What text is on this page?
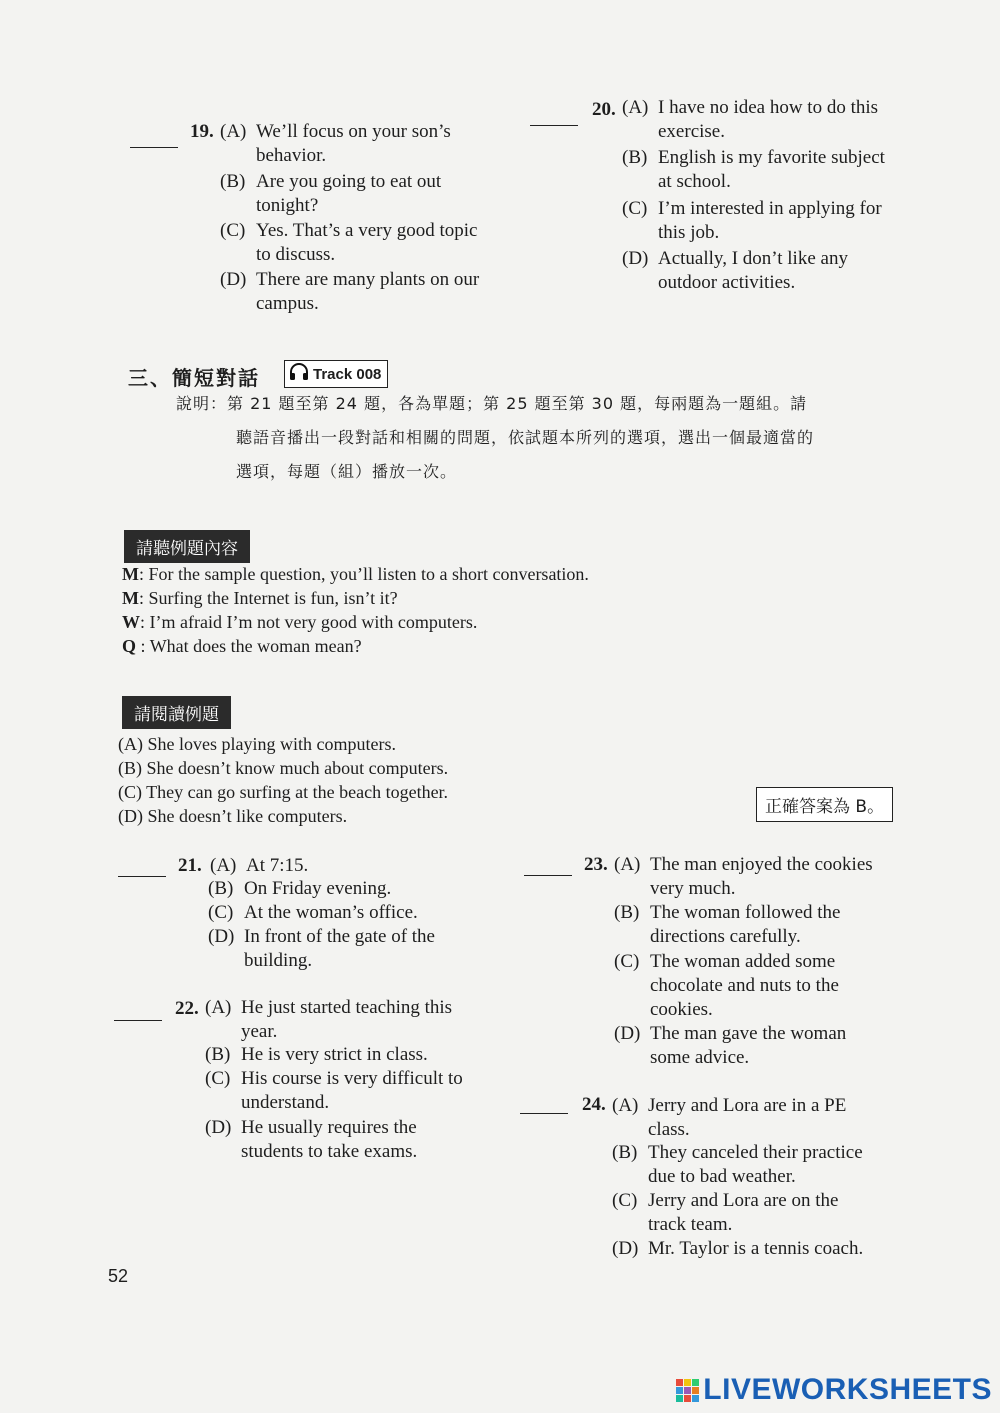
19. (A) We’ll focus on your son’s
behavior.
(B) Are you going to eat out
tonight?
(C) Yes. That’s a very good topic
to discuss.
(D) There are many plants on our
campus.
20. (A) I have no idea how to do this
exercise.
(B) English is my favorite subject
at school.
(C) I’m interested in applying for
this job.
(D) Actually, I don’t like any
outdoor activities.
三、簡短對話	Track 008
說明：第 21 題至第 24 題，各為單題；第 25 題至第 30 題，每兩題為一題組。請
聽語音播出一段對話和相關的問題，依試題本所列的選項，選出一個最適當的
選項，每題（組）播放一次。
請聽例題內容
M: For the sample question, you’ll listen to a short conversation.
M: Surfing the Internet is fun, isn’t it?
W: I’m afraid I’m not very good with computers.
Q : What does the woman mean?
請閱讀例題
(A) She loves playing with computers.
(B) She doesn’t know much about computers.
(C) They can go surfing at the beach together.
(D) She doesn’t like computers.	正確答案為 B。
21. (A) At 7:15.
(B) On Friday evening.
(C) At the woman’s office.
(D) In front of the gate of the
building.
22. (A) He just started teaching this
year.
(B) He is very strict in class.
(C) His course is very difficult to
understand.
(D) He usually requires the
students to take exams.
23. (A) The man enjoyed the cookies
very much.
(B) The woman followed the
directions carefully.
(C) The woman added some
chocolate and nuts to the
cookies.
(D) The man gave the woman
some advice.
24. (A) Jerry and Lora are in a PE
class.
(B) They canceled their practice
due to bad weather.
(C) Jerry and Lora are on the
track team.
(D) Mr. Taylor is a tennis coach.
52
LIVEWORKSHEETS
